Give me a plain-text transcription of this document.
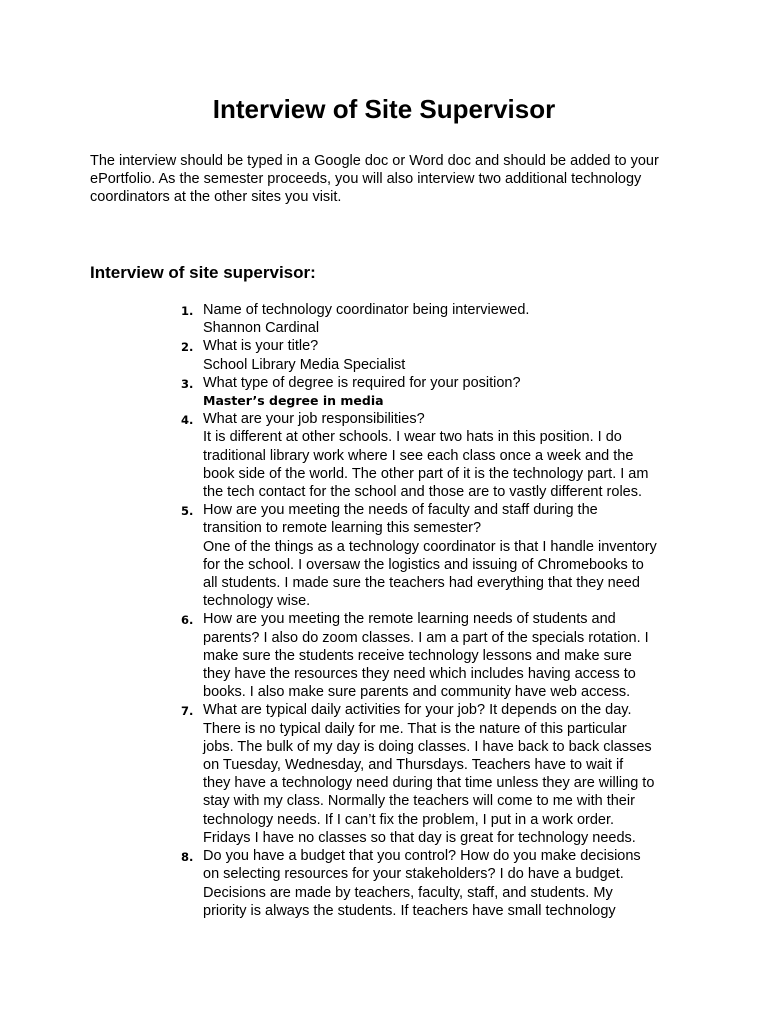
Interview of Site Supervisor

The interview should be typed in a Google doc or Word doc and should be added to your ePortfolio. As the semester proceeds, you will also interview two additional technology coordinators at the other sites you visit.

Interview of site supervisor:
1. Name of technology coordinator being interviewed.
Shannon Cardinal
2. What is your title?
School Library Media Specialist
3. What type of degree is required for your position?
Master’s degree in media
4. What are your job responsibilities?
It is different at other schools. I wear two hats in this position. I do
traditional library work where I see each class once a week and the
book side of the world. The other part of it is the technology part. I am
the tech contact for the school and those are to vastly different roles.
5. How are you meeting the needs of faculty and staff during the
transition to remote learning this semester?
One of the things as a technology coordinator is that I handle inventory
for the school. I oversaw the logistics and issuing of Chromebooks to
all students. I made sure the teachers had everything that they need
technology wise.
6. How are you meeting the remote learning needs of students and
parents? I also do zoom classes. I am a part of the specials rotation. I
make sure the students receive technology lessons and make sure
they have the resources they need which includes having access to
books. I also make sure parents and community have web access.
7. What are typical daily activities for your job? It depends on the day.
There is no typical daily for me. That is the nature of this particular
jobs. The bulk of my day is doing classes. I have back to back classes
on Tuesday, Wednesday, and Thursdays. Teachers have to wait if
they have a technology need during that time unless they are willing to
stay with my class. Normally the teachers will come to me with their
technology needs. If I can’t fix the problem, I put in a work order.
Fridays I have no classes so that day is great for technology needs.
8. Do you have a budget that you control? How do you make decisions
on selecting resources for your stakeholders? I do have a budget.
Decisions are made by teachers, faculty, staff, and students. My
priority is always the students. If teachers have small technology
